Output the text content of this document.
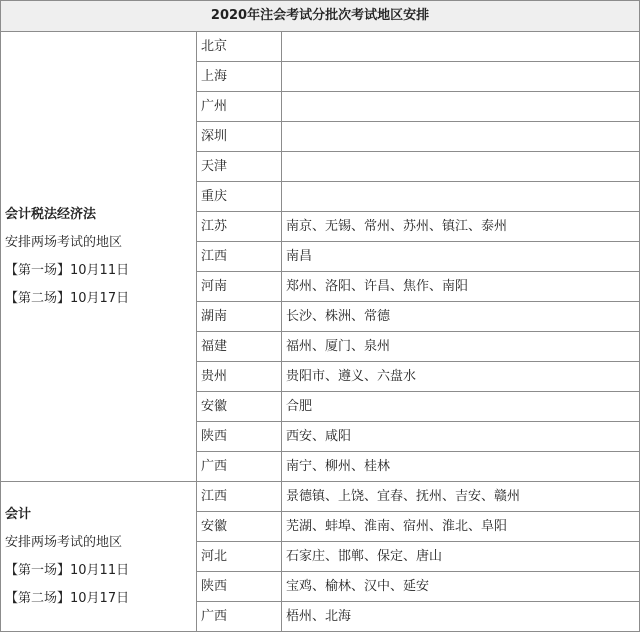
2020年注会考试分批次考试地区安排		

会计税法经济法
安排两场考试的地区
【第一场】10月11日
【第二场】10月17日	北京	
	上海	
	广州	
	深圳	
	天津	
	重庆	
	江苏	南京、无锡、常州、苏州、镇江、泰州
	江西	南昌
	河南	郑州、洛阳、许昌、焦作、南阳
	湖南	长沙、株洲、常德
	福建	福州、厦门、泉州
	贵州	贵阳市、遵义、六盘水
	安徽	合肥
	陕西	西安、咸阳
	广西	南宁、柳州、桂林

会计
安排两场考试的地区
【第一场】10月11日
【第二场】10月17日	江西	景德镇、上饶、宜春、抚州、吉安、赣州
	安徽	芜湖、蚌埠、淮南、宿州、淮北、阜阳
	河北	石家庄、邯郸、保定、唐山
	陕西	宝鸡、榆林、汉中、延安
	广西	梧州、北海
